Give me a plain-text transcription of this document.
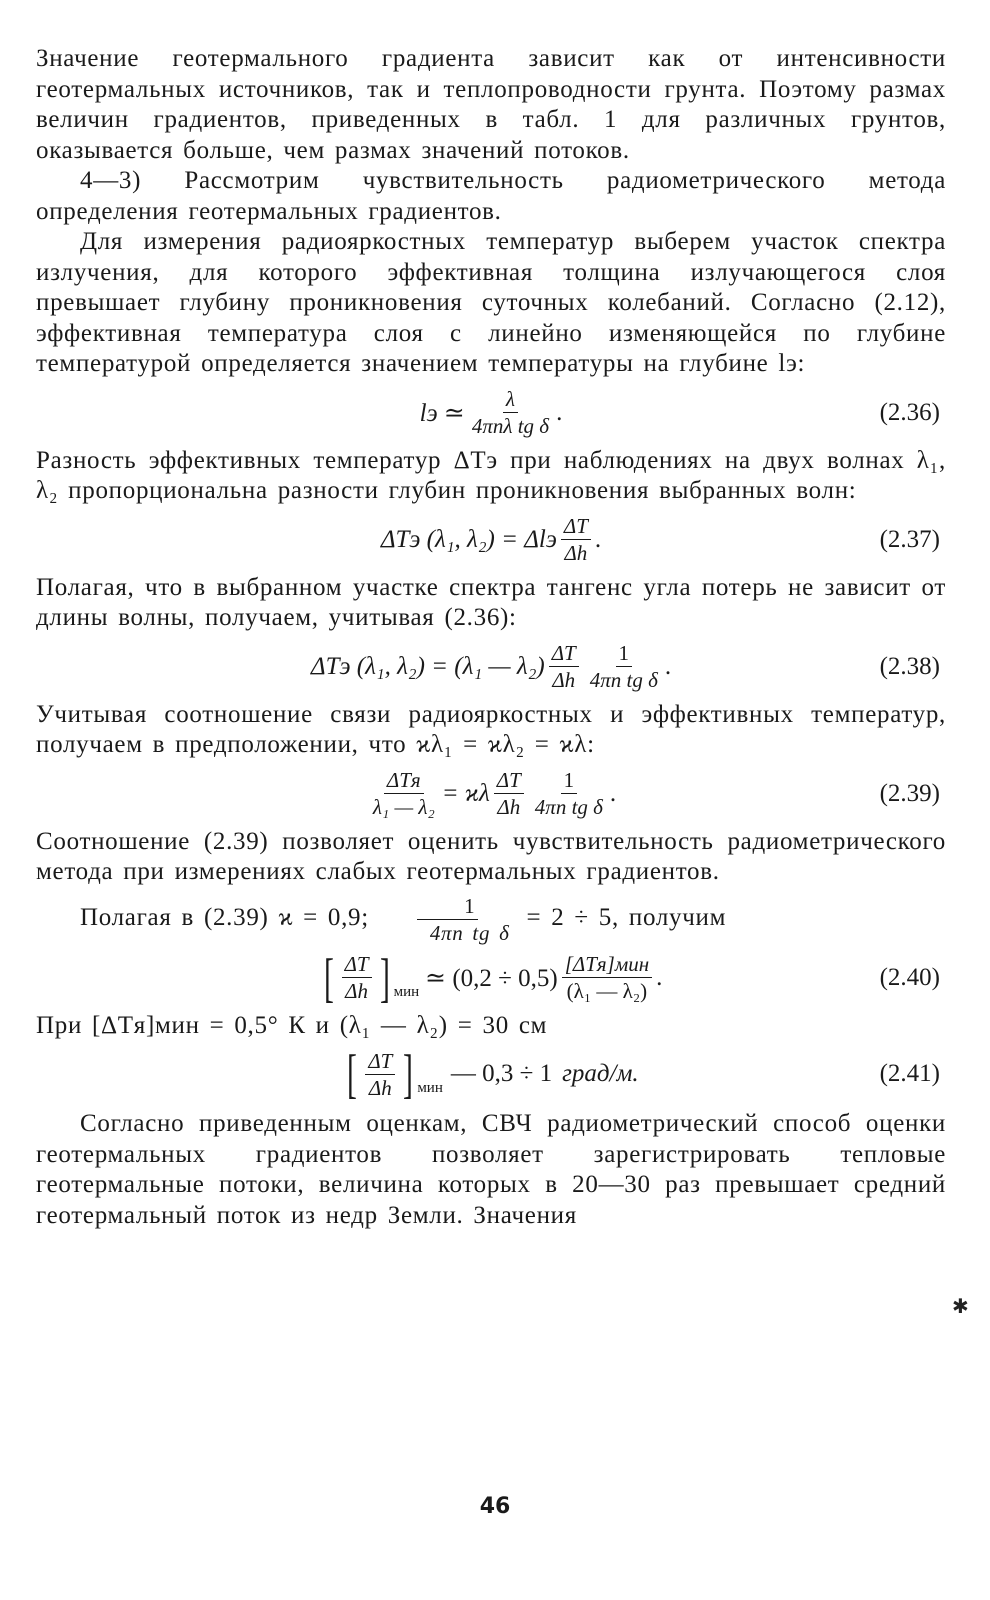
Значение геотермального градиента зависит как от интенсивности геотермальных источников, так и теплопроводности грунта. Поэтому размах величин градиентов, приведенных в табл. 1 для различных грунтов, оказывается больше, чем размах значений потоков.

4—3) Рассмотрим чувствительность радиометрического метода определения геотермальных градиентов.

Для измерения радиояркостных температур выберем участок спектра излучения, для которого эффективная толщина излучающегося слоя превышает глубину проникновения суточных колебаний. Согласно (2.12), эффективная температура слоя с линейно изменяющейся по глубине температурой определяется значением температуры на глубине lэ:

lэ ≃ $\frac{\lambda}{\text{4πnλ tg δ}}$ .	(2.36)

Разность эффективных температур ΔTэ при наблюдениях на двух волнах λ₁, λ₂ пропорциональна разности глубин проникновения выбранных волн:

ΔTэ (λ₁, λ₂) = Δlэ $\frac{\Delta T}{\Delta h}$ .	(2.37)

Полагая, что в выбранном участке спектра тангенс угла потерь не зависит от длины волны, получаем, учитывая (2.36):

ΔTэ (λ₁, λ₂) = (λ₁ — $\lambda_2) \frac{\Delta T}{\Delta h} \frac{1}{\text{4πn tg δ}}$ .	(2.38)

Учитывая соотношение связи радиояркостных и эффективных температур, получаем в предположении, что ϰλ₁ = ϰλ₂ = ϰλ:

$\frac{\text{ΔTя}}{\text{λ₁ — λ₂}} = ϰ\lambda \frac{\Delta T}{\Delta h} \frac{1}{\text{4πn tg δ}}$ .	(2.39)

Соотношение (2.39) позволяет оценить чувствительность радиометрического метода при измерениях слабых геотермальных градиентов.

Полагая в (2.39) ϰ = 0,9; $\frac{1}{\text{4πn tg δ}} = 2 \div 5$, получим

[ $\frac{\Delta T}{\Delta h}$ ] $_{мин}$ ≃ $(0,2 \div 0,5) \frac{\text{[ΔTя]мин}}{\text{(λ₁ — λ₂)}}$ .	(2.40)

При [ΔTя]мин = 0,5° К и (λ₁ — λ₂) = 30 см

[ $\frac{\Delta T}{\Delta h}$ ] $_{мин}$
— 0,3 ÷ 1 град/м.	(2.41)

Согласно приведенным оценкам, СВЧ радиометрический способ оценки геотермальных градиентов позволяет зарегистрировать тепловые геотермальные потоки, величина которых в 20—30 раз превышает средний геотермальный поток из недр Земли. Значения

✱
46
